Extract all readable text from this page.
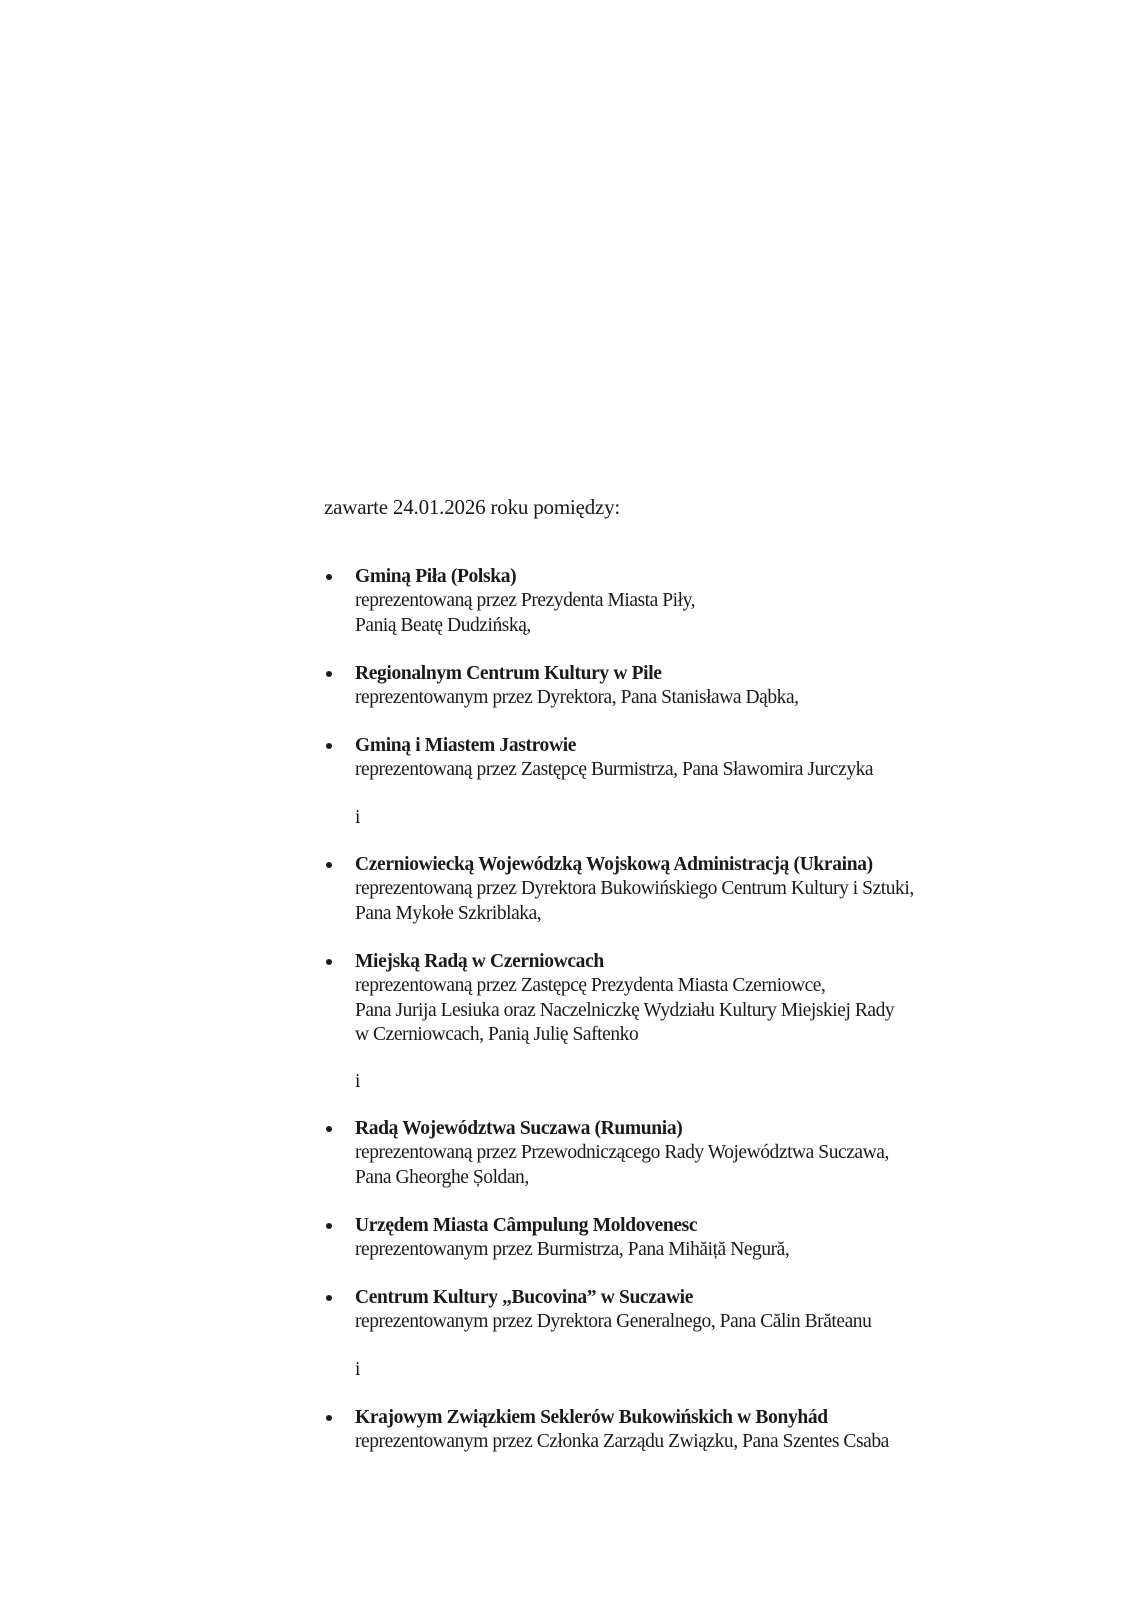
zawarte 24.01.2026 roku pomiędzy:
Gminą Piła (Polska)
reprezentowaną przez Prezydenta Miasta Piły,
Panią Beatę Dudzińską,
Regionalnym Centrum Kultury w Pile
reprezentowanym przez Dyrektora, Pana Stanisława Dąbka,
Gminą i Miastem Jastrowie
reprezentowaną przez Zastępcę Burmistrza, Pana Sławomira Jurczyka
i
Czerniowiecką Wojewódzką Wojskową Administracją (Ukraina)
reprezentowaną przez Dyrektora Bukowińskiego Centrum Kultury i Sztuki,
Pana Mykołe Szkriblaka,
Miejską Radą w Czerniowcach
reprezentowaną przez Zastępcę Prezydenta Miasta Czerniowce,
Pana Jurija Lesiuka oraz Naczelniczkę Wydziału Kultury Miejskiej Rady
w Czerniowcach, Panią Julię Saftenko
i
Radą Województwa Suczawa (Rumunia)
reprezentowaną przez Przewodniczącego Rady Województwa Suczawa,
Pana Gheorghe Șoldan,
Urzędem Miasta Câmpulung Moldovenesc
reprezentowanym przez Burmistrza, Pana Mihăiță Negură,
Centrum Kultury „Bucovina” w Suczawie
reprezentowanym przez Dyrektora Generalnego, Pana Călin Brăteanu
i
Krajowym Związkiem Seklerów Bukowińskich w Bonyhád
reprezentowanym przez Członka Zarządu Związku, Pana Szentes Csaba
